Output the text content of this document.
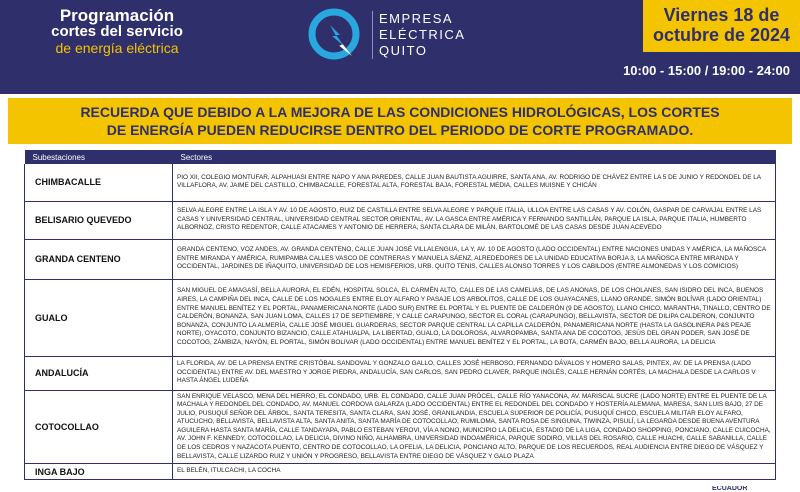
Programación
cortes del servicio
de energía eléctrica
EMPRESA
ELÉCTRICA
QUITO
Viernes 18 de
octubre de 2024
10:00 - 15:00 / 19:00 - 24:00
RECUERDA QUE DEBIDO A LA MEJORA DE LAS CONDICIONES HIDROLÓGICAS, LOS CORTES
DE ENERGÍA PUEDEN REDUCIRSE DENTRO DEL PERIODO DE CORTE PROGRAMADO.
Subestaciones	Sectores
CHIMBACALLE	PIO XII, COLEGIO MONTUFAR, ALPAHUASI ENTRE NAPO Y ANA PAREDES, CALLE JUAN BAUTISTA AGUIRRE, SANTA ANA, AV. RODRIGO DE CHÁVEZ ENTRE LA 5 DE JUNIO Y REDONDEL DE LA VILLAFLORA, AV. JAIME DEL CASTILLO, CHIMBACALLE, FORESTAL ALTA, FORESTAL BAJA, FORESTAL MEDIA, CALLES MUISNE Y CHICÁN
BELISARIO QUEVEDO	SELVA ALEGRE ENTRE LA ISLA Y AV. 10 DE AGOSTO, RUIZ DE CASTILLA ENTRE SELVA ALEGRE Y PARQUE ITALIA, ULLOA ENTRE LAS CASAS Y AV. COLÓN, GASPAR DE CARVAJAL ENTRE LAS CASAS Y UNIVERSIDAD CENTRAL, UNIVERSIDAD CENTRAL SECTOR ORIENTAL, AV. LA GASCA ENTRE AMÉRICA Y FERNANDO SANTILLÁN, PARQUE LA ISLA, PARQUE ITALIA, HUMBERTO ALBORNOZ, CRISTO REDENTOR, CALLE ATACAMES Y ANTONIO DE HERRERA, SANTA CLARA DE MILÁN, BARTOLOMÉ DE LAS CASAS DESDE JUAN ACEVEDO
GRANDA CENTENO	GRANDA CENTENO, VOZ ANDES, AV. GRANDA CENTENO, CALLE JUAN JOSÉ VILLALENGUA, LA Y, AV. 10 DE AGOSTO (LADO OCCIDENTAL) ENTRE NACIONES UNIDAS Y AMÉRICA, LA MAÑOSCA ENTRE MIRANDA Y AMÉRICA, RUMIPAMBA CALLES VASCO DE CONTRERAS Y MANUELA SÁENZ, ALREDEDORES DE LA UNIDAD EDUCATIVA BORJA 3, LA MAÑOSCA ENTRE MIRANDA Y OCCIDENTAL, JARDINES DE IÑAQUITO, UNIVERSIDAD DE LOS HEMISFERIOS, URB. QUITO TENIS, CALLES ALONSO TORRES Y LOS CABILDOS (ENTRE ALMONEDAS Y LOS COMICIOS)
GUALO	SAN MIGUEL DE AMAGASÍ, BELLA AURORA, EL EDÉN, HOSPITAL SOLCA, EL CARMÉN ALTO, CALLES DE LAS CAMELIAS, DE LAS ANONAS, DE LOS CHOLANES, SAN ISIDRO DEL INCA, BUENOS AIRES, LA CAMPIÑA DEL INCA, CALLE DE LOS NOGALES ENTRE ELOY ALFARO Y PASAJE LOS ARBOLITOS, CALLE DE LOS GUAYACANES, LLANO GRANDE, SIMÓN BOLÍVAR (LADO ORIENTAL) ENTRE MANUEL BENÍTEZ Y EL PORTAL, PANAMERICANA NORTE (LADO SUR) ENTRE EL PORTAL Y EL PUENTE DE CALDERÓN (9 DE AGOSTO), LLANO CHICO, MARANTHA, TINALLO, CENTRO DE CALDERÓN, BONANZA, SAN JUAN LOMA, CALLES 17 DE SEPTIEMBRE, Y CALLE CARAPUNGO, SECTOR EL CORAL (CARAPUNGO), BELLAVISTA, SECTOR DE DILIPA CALDERON, CONJUNTO BONANZA, CONJUNTO LA ALMERÍA, CALLE JOSÉ MIGUEL GUARDERAS, SECTOR PARQUE CENTRAL LA CAPILLA CALDERÓN, PANAMERICANA NORTE (HASTA LA GASOLINERA P&S PEAJE NORTE), OYACOTO, CONJUNTO BIZANCIO, CALLE ATAHUALPA, LA LIBERTAD, GUALO, LA DOLOROSA, ALVAROPAMBA, SANTA ANA DE COCOTOG, JESÚS DEL GRAN PODER, SAN JOSÉ DE COCOTOG, ZÁMBIZA, NAYÓN, EL PORTAL, SIMÓN BOLIVAR (LADO OCCIDENTAL) ENTRE MANUEL BENÍTEZ Y EL PORTAL, LA BOTA, CARMÉN BAJO, BELLA AURORA, LA DELICIA
ANDALUCÍA	LA FLORIDA, AV. DE LA PRENSA ENTRE CRISTÓBAL SANDOVAL Y GONZALO GALLO, CALLES JOSÉ HERBOSO, FERNANDO DÁVALOS Y HOMERO SALAS, PINTEX, AV. DE LA PRENSA (LADO OCCIDENTAL) ENTRE AV. DEL MAESTRO Y JORGE PIEDRA, ANDALUCÍA, SAN CARLOS, SAN PEDRO CLAVER, PARQUE INGLÉS, CALLE HERNÁN CORTÉS, LA MACHALA DESDE LA CARLOS V HASTA ÁNGEL LUDEÑA
COTOCOLLAO	SAN ENRIQUE VELASCO, MENA DEL HIERRO, EL CONDADO, URB. EL CONDADO, CALLE JUAN PRÓCEL, CALLE RÍO YANACONA, AV. MARISCAL SUCRE (LADO NORTE) ENTRE EL PUENTE DE LA MACHALA Y REDONDEL DEL CONDADO, AV. MANUEL CORDOVA GALARZA (LADO OCCIDENTAL) ENTRE EL REDONDEL DEL CONDADO Y HOSTERÍA ALEMANA, MARESA, SAN LUIS BAJO, 27 DE JULIO, PUSUQUÍ SEÑOR DEL ÁRBOL, SANTA TERESITA, SANTA CLARA, SAN JOSÉ, GRANILANDIA, ESCUELA SUPERIOR DE POLICÍA, PUSUQUÍ CHICO, ESCUELA MILITAR ELOY ALFARO, ATUCUCHO, BELLAVISTA, BELLAVISTA ALTA, SANTA ANITA, SANTA MARÍA DE COTOCOLLAO, RUMILOMA, SANTA ROSA DE SINGUNA, TIWINZA, PISULÍ, LA LEGARDA DESDE BUENA AVENTURA AGUILERA HASTA SANTA MARÍA, CALLE TANDAYAPA, PABLO ESTEBAN YEROVI, VÍA A NONO, MUNICIPIO LA DELICIA, ESTADIO DE LA LIGA, CONDADO SHOPPING, PONCIANO, CALLE CUICOCHA, AV. JOHN F. KENNEDY, COTOCOLLAO, LA DELICIA, DIVINO NIÑO, ALHAMBRA, UNIVERSIDAD INDOAMÉRICA, PARQUE SODIRO, VILLAS DEL ROSARIO, CALLE HUACHI, CALLE SABANILLA, CALLE DE LOS CEDROS Y NAZACOTA PUENTO, CENTRO DE COTOCOLLAO, LA OFELIA, LA DELICIA, PONCIANO ALTO, PARQUE DE LOS RECUERDOS, REAL AUDIENCIA ENTRE DIEGO DE VÁSQUEZ Y BELLAVISTA, CALLE LIZARDO RUIZ Y UNIÓN Y PROGRESO, BELLAVISTA ENTRE DIEGO DE VÁSQUEZ Y GALO PLAZA
INGA BAJO	EL BELÉN, ITULCACHI, LA COCHA
ECUADOR
